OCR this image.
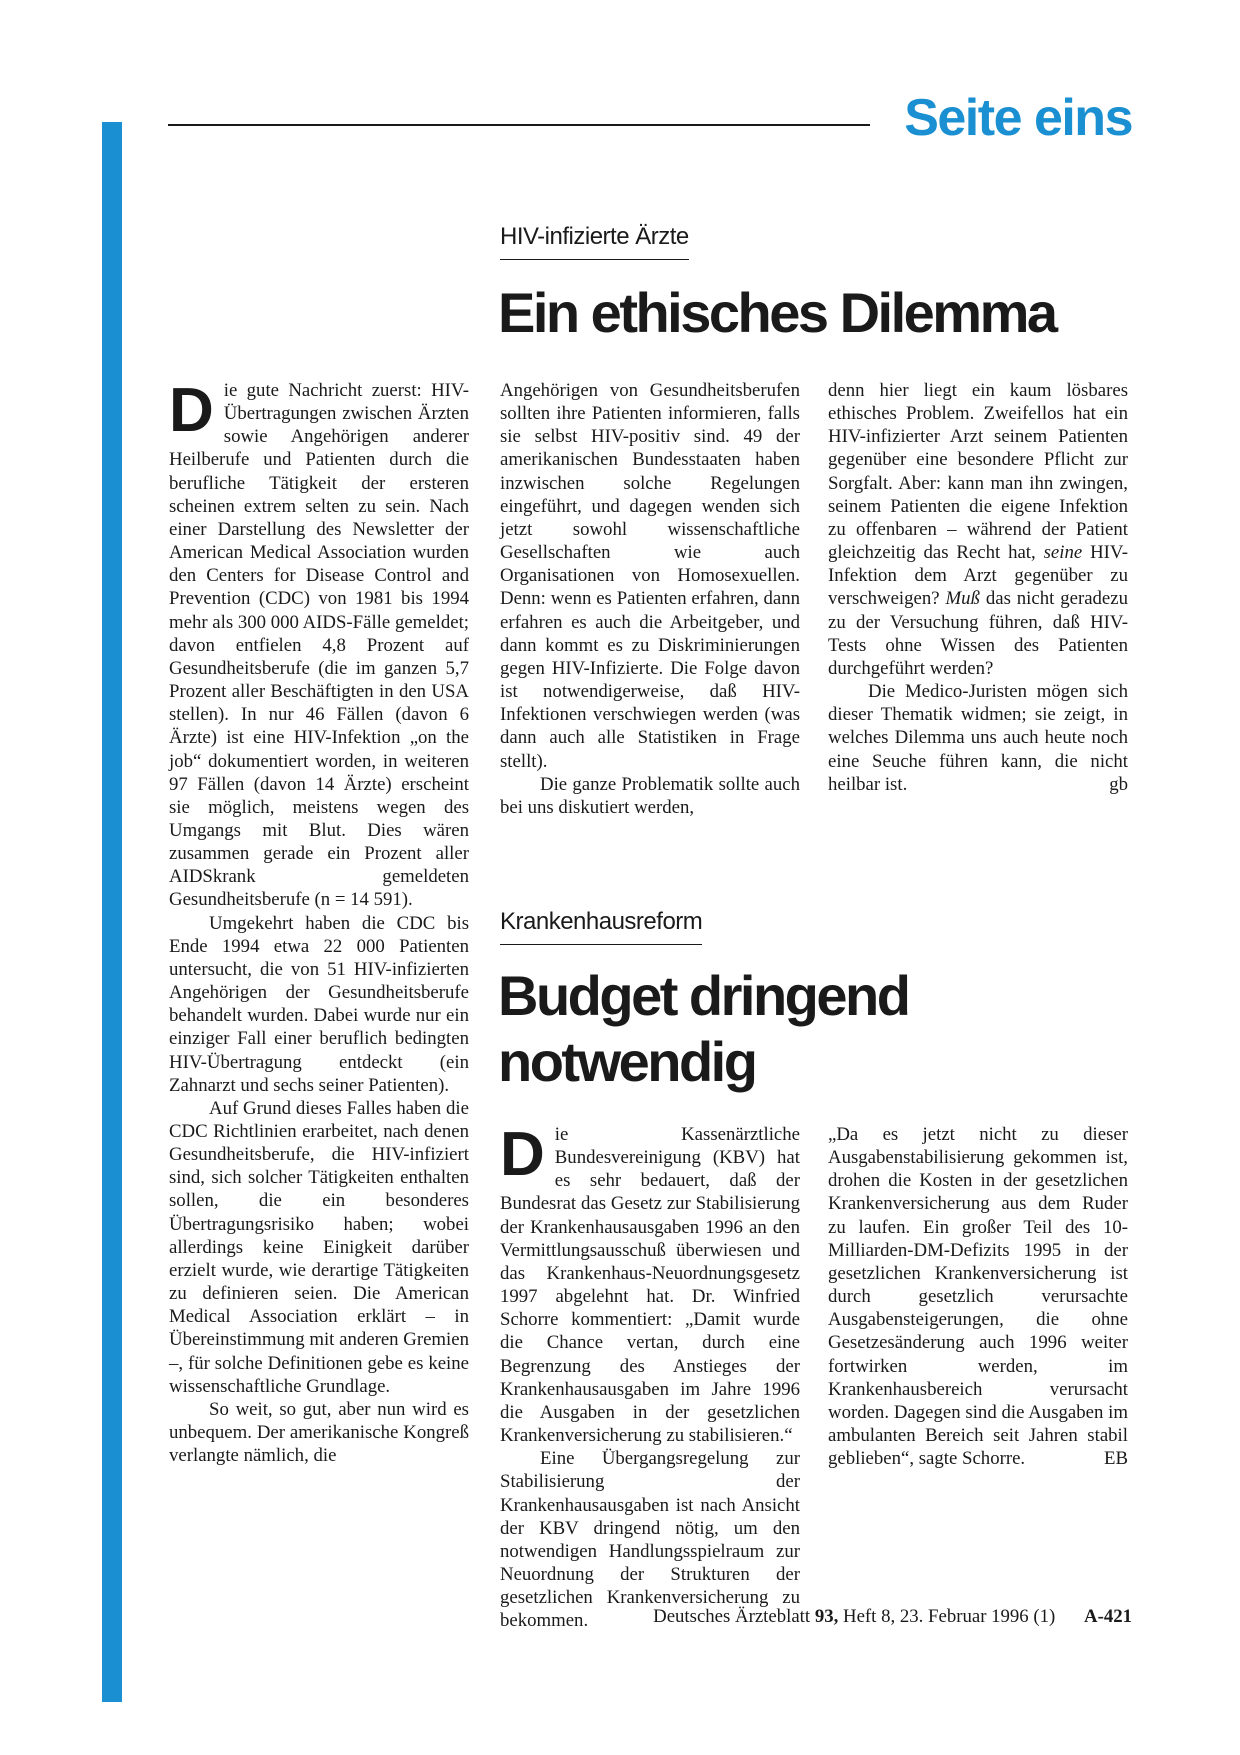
Seite eins
HIV-infizierte Ärzte
Ein ethisches Dilemma

Die gute Nachricht zuerst: HIV-Übertragungen zwischen Ärzten sowie Angehörigen anderer Heilberufe und Patienten durch die berufliche Tätigkeit der ersteren scheinen extrem selten zu sein. Nach einer Darstellung des Newsletter der American Medical Association wurden den Centers for Disease Control and Prevention (CDC) von 1981 bis 1994 mehr als 300 000 AIDS-Fälle gemeldet; davon entfielen 4,8 Prozent auf Gesundheitsberufe (die im ganzen 5,7 Prozent aller Beschäftigten in den USA stellen). In nur 46 Fällen (davon 6 Ärzte) ist eine HIV-Infektion „on the job“ dokumentiert worden, in weiteren 97 Fällen (davon 14 Ärzte) erscheint sie möglich, meistens wegen des Umgangs mit Blut. Dies wären zusammen gerade ein Prozent aller AIDSkrank gemeldeten Gesundheitsberufe (n = 14 591).

Umgekehrt haben die CDC bis Ende 1994 etwa 22 000 Patienten untersucht, die von 51 HIV-infizierten Angehörigen der Gesundheitsberufe behandelt wurden. Dabei wurde nur ein einziger Fall einer beruflich bedingten HIV-Übertragung entdeckt (ein Zahnarzt und sechs seiner Patienten).

Auf Grund dieses Falles haben die CDC Richtlinien erarbeitet, nach denen Gesundheitsberufe, die HIV-infiziert sind, sich solcher Tätigkeiten enthalten sollen, die ein besonderes Übertragungsrisiko haben; wobei allerdings keine Einigkeit darüber erzielt wurde, wie derartige Tätigkeiten zu definieren seien. Die American Medical Association erklärt – in Übereinstimmung mit anderen Gremien –, für solche Definitionen gebe es keine wissenschaftliche Grundlage.

So weit, so gut, aber nun wird es unbequem. Der amerikanische Kongreß verlangte nämlich, die

Angehörigen von Gesundheitsberufen sollten ihre Patienten informieren, falls sie selbst HIV-positiv sind. 49 der amerikanischen Bundesstaaten haben inzwischen solche Regelungen eingeführt, und dagegen wenden sich jetzt sowohl wissenschaftliche Gesellschaften wie auch Organisationen von Homosexuellen. Denn: wenn es Patienten erfahren, dann erfahren es auch die Arbeitgeber, und dann kommt es zu Diskriminierungen gegen HIV-Infizierte. Die Folge davon ist notwendigerweise, daß HIV-Infektionen verschwiegen werden (was dann auch alle Statistiken in Frage stellt).

Die ganze Problematik sollte auch bei uns diskutiert werden,

denn hier liegt ein kaum lösbares ethisches Problem. Zweifellos hat ein HIV-infizierter Arzt seinem Patienten gegenüber eine besondere Pflicht zur Sorgfalt. Aber: kann man ihn zwingen, seinem Patienten die eigene Infektion zu offenbaren – während der Patient gleichzeitig das Recht hat, seine HIV-Infektion dem Arzt gegenüber zu verschweigen? Muß das nicht geradezu zu der Versuchung führen, daß HIV-Tests ohne Wissen des Patienten durchgeführt werden?

Die Medico-Juristen mögen sich dieser Thematik widmen; sie zeigt, in welches Dilemma uns auch heute noch eine Seuche führen kann, die nicht heilbar ist.	gb

Krankenhausreform
Budget dringend
notwendig

Die Kassenärztliche Bundesvereinigung (KBV) hat es sehr bedauert, daß der Bundesrat das Gesetz zur Stabilisierung der Krankenhausausgaben 1996 an den Vermittlungsausschuß überwiesen und das Krankenhaus-Neuordnungsgesetz 1997 abgelehnt hat. Dr. Winfried Schorre kommentiert: „Damit wurde die Chance vertan, durch eine Begrenzung des Anstieges der Krankenhausausgaben im Jahre 1996 die Ausgaben in der gesetzlichen Krankenversicherung zu stabilisieren.“

Eine Übergangsregelung zur Stabilisierung der Krankenhausausgaben ist nach Ansicht der KBV dringend nötig, um den notwendigen Handlungsspielraum zur Neuordnung der Strukturen der gesetzlichen Krankenversicherung zu bekommen.

„Da es jetzt nicht zu dieser Ausgabenstabilisierung gekommen ist, drohen die Kosten in der gesetzlichen Krankenversicherung aus dem Ruder zu laufen. Ein großer Teil des 10-Milliarden-DM-Defizits 1995 in der gesetzlichen Krankenversicherung ist durch gesetzlich verursachte Ausgabensteigerungen, die ohne Gesetzesänderung auch 1996 weiter fortwirken werden, im Krankenhausbereich verursacht worden. Dagegen sind die Ausgaben im ambulanten Bereich seit Jahren stabil geblieben“, sagte Schorre.	EB

Deutsches Ärzteblatt 93, Heft 8, 23. Februar 1996 (1) A-421
